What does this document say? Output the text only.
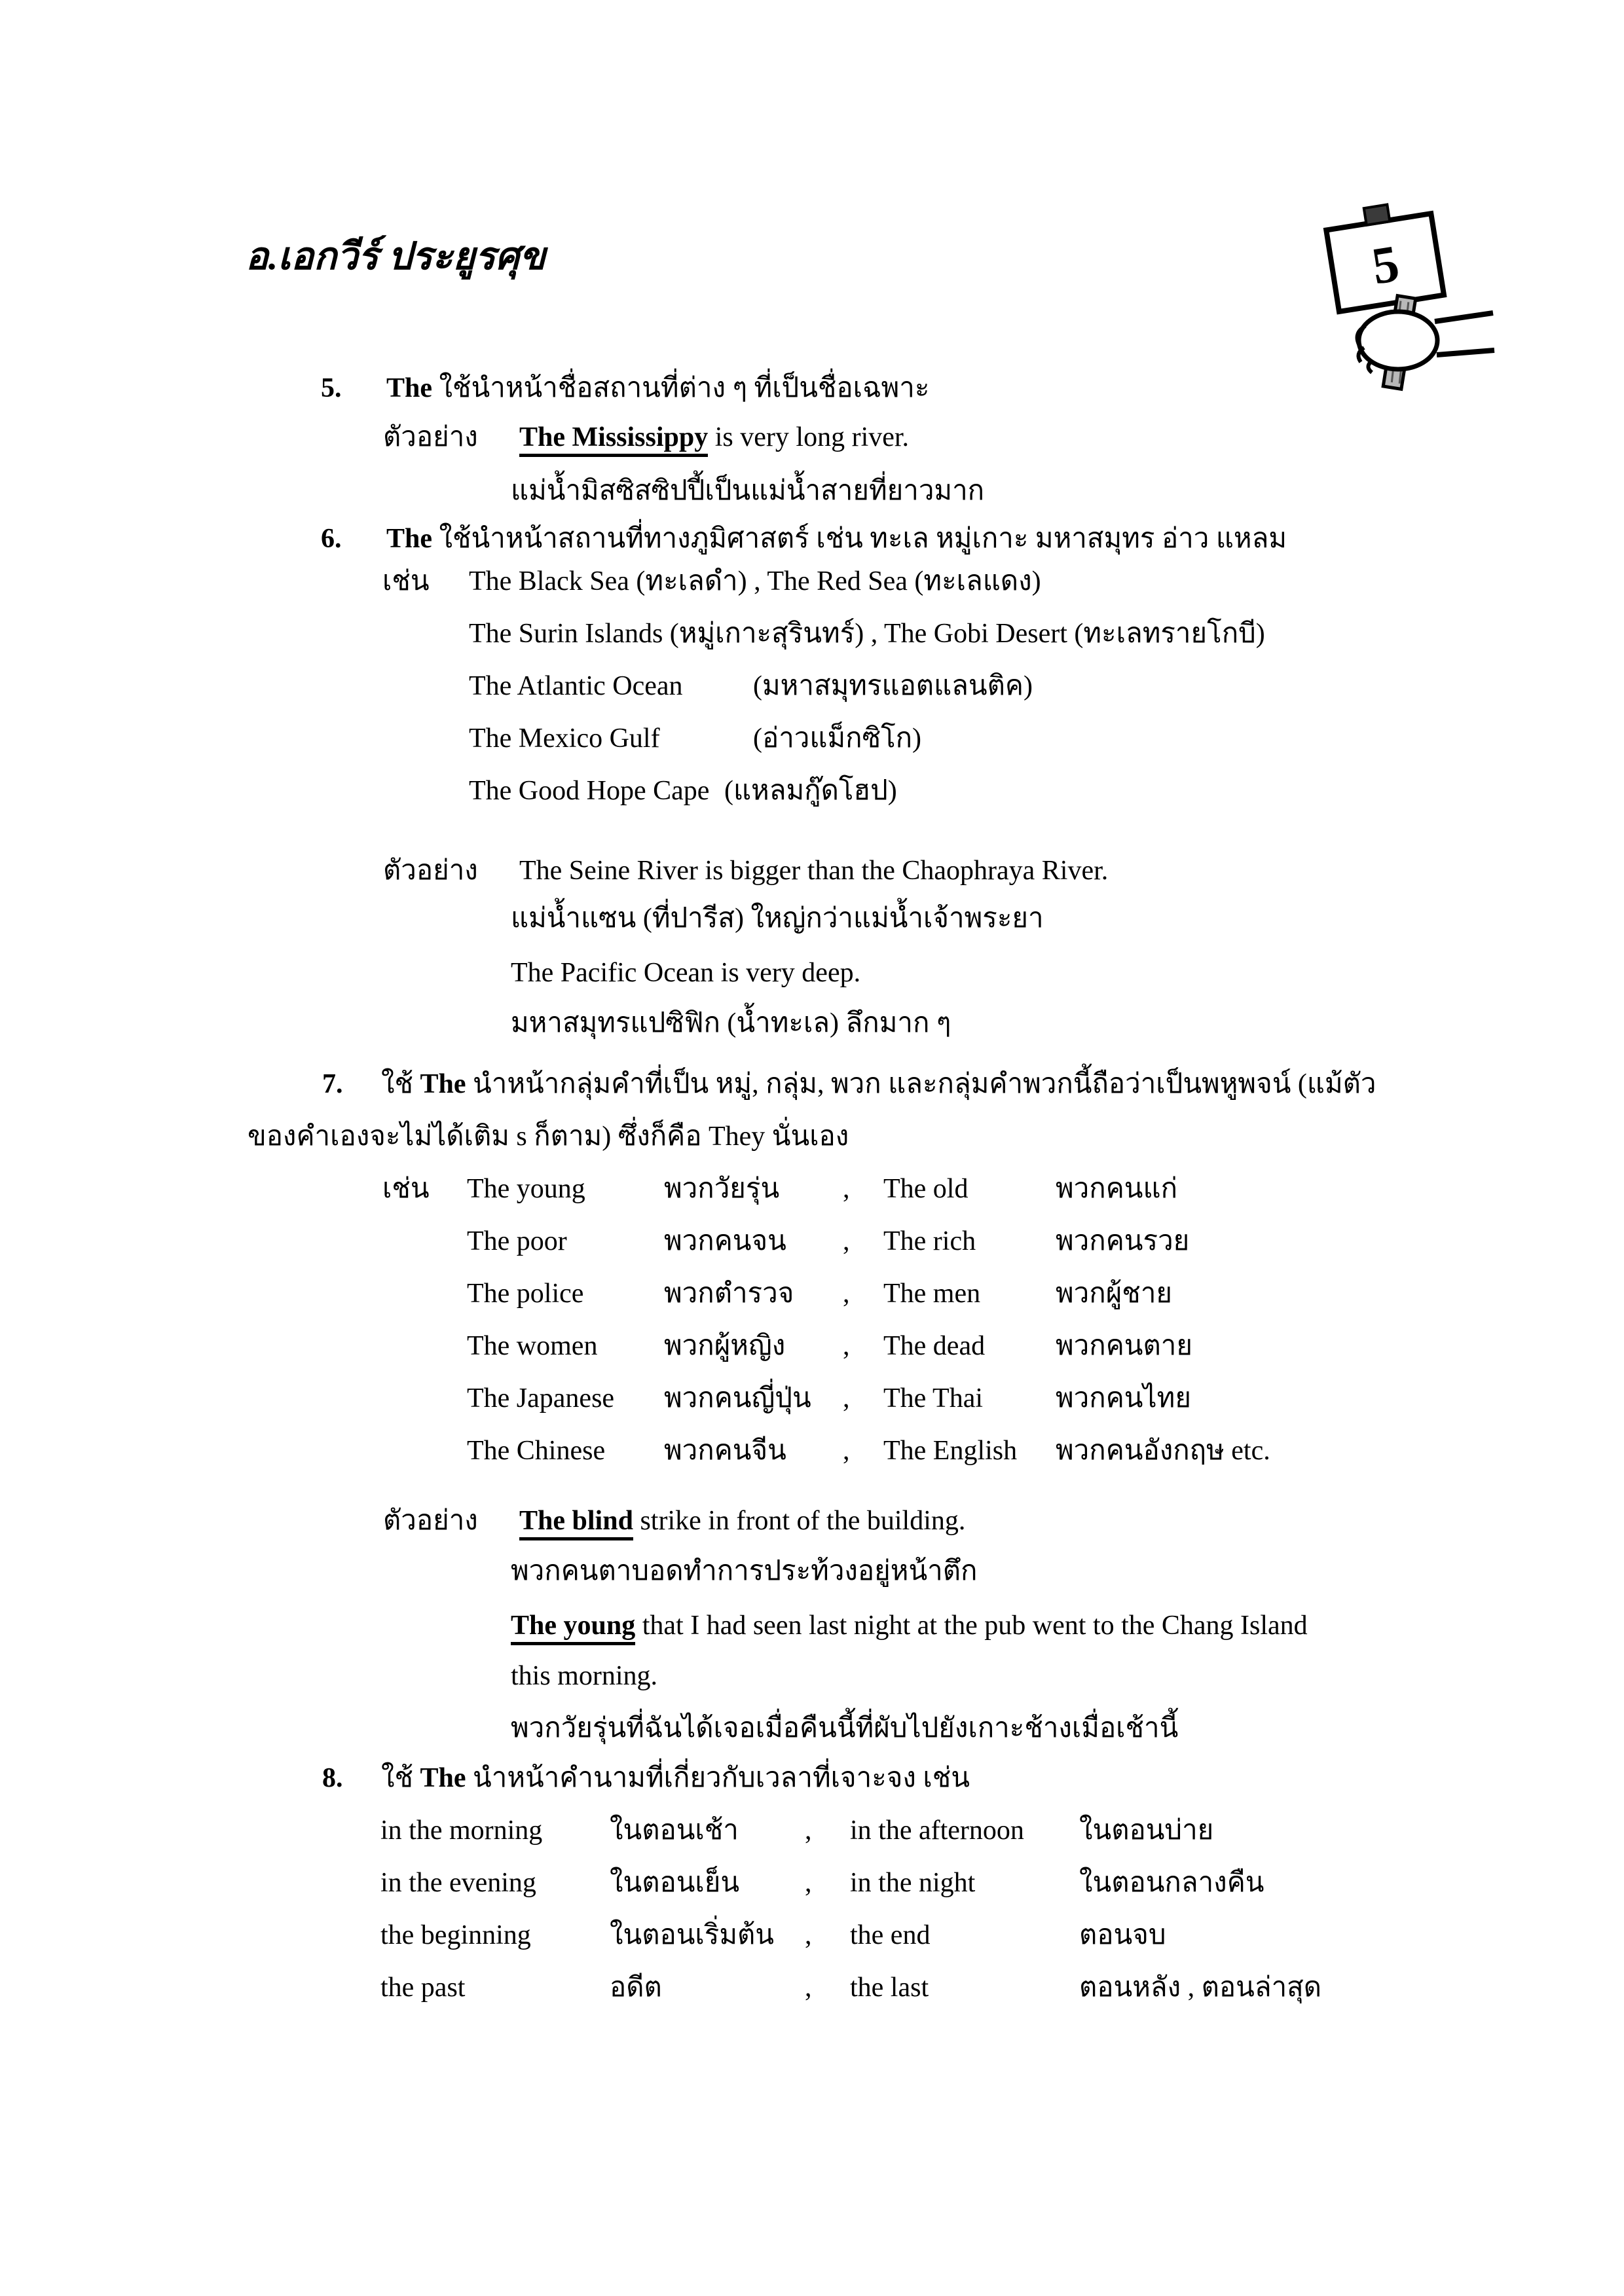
อ.เอกวีร์ ประยูรศุข	5
5. The ใช้นำหน้าชื่อสถานที่ต่าง ๆ ที่เป็นชื่อเฉพาะ
ตัวอย่าง The Mississippy is very long river.
แม่น้ำมิสซิสซิปปี้เป็นแม่น้ำสายที่ยาวมาก
6. The ใช้นำหน้าสถานที่ทางภูมิศาสตร์ เช่น ทะเล หมู่เกาะ มหาสมุทร อ่าว แหลม
เช่น The Black Sea (ทะเลดำ) , The Red Sea (ทะเลแดง)
The Surin Islands (หมู่เกาะสุรินทร์) , The Gobi Desert (ทะเลทรายโกบี)
The Atlantic Ocean	(มหาสมุทรแอตแลนติค)
The Mexico Gulf	(อ่าวแม็กซิโก)
The Good Hope Cape (แหลมกู๊ดโฮป)
ตัวอย่าง The Seine River is bigger than the Chaophraya River.
แม่น้ำแซน (ที่ปารีส) ใหญ่กว่าแม่น้ำเจ้าพระยา
The Pacific Ocean is very deep.
มหาสมุทรแปซิฟิก (น้ำทะเล) ลึกมาก ๆ
7. ใช้ The นำหน้ากลุ่มคำที่เป็น หมู่, กลุ่ม, พวก และกลุ่มคำพวกนี้ถือว่าเป็นพหูพจน์ (แม้ตัว
ของคำเองจะไม่ได้เติม s ก็ตาม) ซึ่งก็คือ They นั่นเอง
เช่น The young	พวกวัยรุ่น , The old	พวกคนแก่
The poor	พวกคนจน , The rich	พวกคนรวย
The police	พวกตำรวจ , The men	พวกผู้ชาย
The women พวกผู้หญิง , The dead	พวกคนตาย
The Japanese พวกคนญี่ปุ่น , The Thai	พวกคนไทย
The Chinese พวกคนจีน , The English พวกคนอังกฤษ etc.
ตัวอย่าง The blind strike in front of the building.
พวกคนตาบอดทำการประท้วงอยู่หน้าตึก
The young that I had seen last night at the pub went to the Chang Island
this morning.
พวกวัยรุ่นที่ฉันได้เจอเมื่อคืนนี้ที่ผับไปยังเกาะช้างเมื่อเช้านี้
8. ใช้ The นำหน้าคำนามที่เกี่ยวกับเวลาที่เจาะจง เช่น
in the morning ในตอนเช้า , in the afternoon ในตอนบ่าย
in the evening	ในตอนเย็น , in the night	ในตอนกลางคืน
the beginning	ในตอนเริ่มต้น , the end	ตอนจบ
the past	อดีต	, the last	ตอนหลัง , ตอนล่าสุด
